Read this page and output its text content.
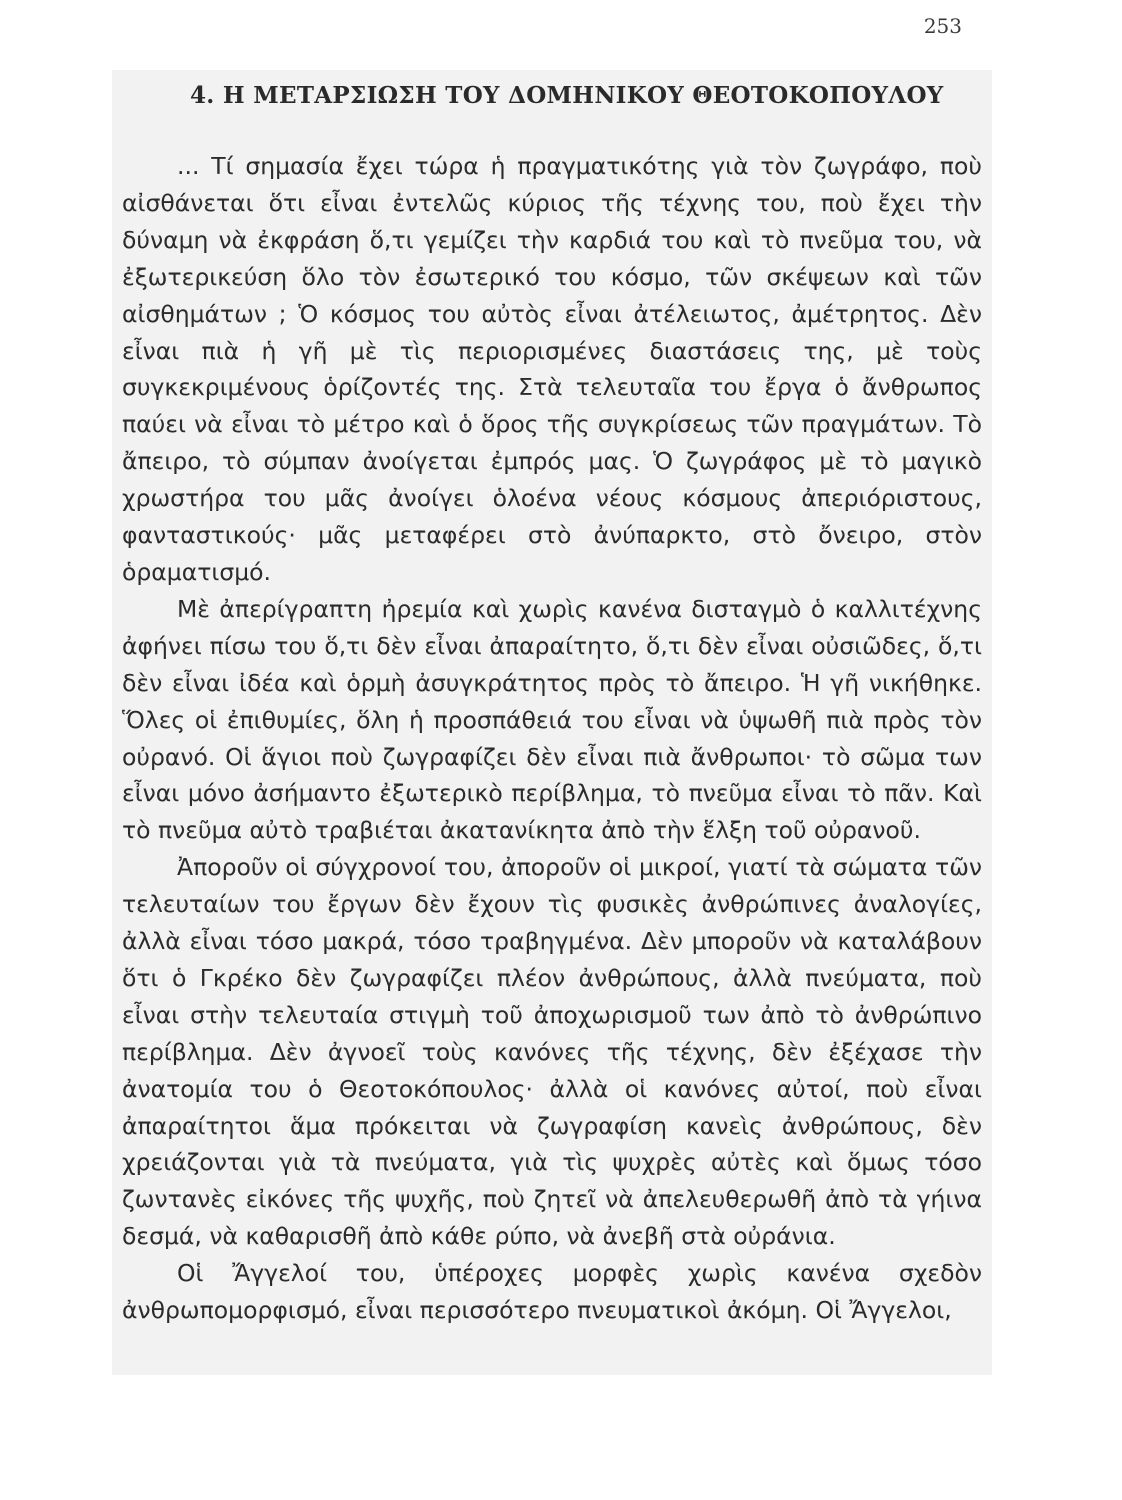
253
4. Η ΜΕΤΑΡΣΙΩΣΗ ΤΟΥ ΔΟΜΗΝΙΚΟΥ ΘΕΟΤΟΚΟΠΟΥΛΟΥ

... Τί σημασία ἔχει τώρα ἡ πραγματικότης γιὰ τὸν ζωγράφο, ποὺ αἰσθάνεται ὅτι εἶναι ἐντελῶς κύριος τῆς τέχνης του, ποὺ ἔχει τὴν δύναμη νὰ ἐκφράση ὅ,τι γεμίζει τὴν καρδιά του καὶ τὸ πνεῦμα του, νὰ ἐξωτερικεύση ὅλο τὸν ἐσωτερικό του κόσμο, τῶν σκέψεων καὶ τῶν αἰσθημάτων ; Ὁ κόσμος του αὐτὸς εἶναι ἀτέλειωτος, ἀμέτρητος. Δὲν εἶναι πιὰ ἡ γῆ μὲ τὶς περιορισμένες διαστάσεις της, μὲ τοὺς συγκεκριμένους ὁρίζοντές της. Στὰ τελευταῖα του ἔργα ὁ ἄνθρωπος παύει νὰ εἶναι τὸ μέτρο καὶ ὁ ὅρος τῆς συγκρίσεως τῶν πραγμάτων. Τὸ ἄπειρο, τὸ σύμπαν ἀνοίγεται ἐμπρός μας. Ὁ ζωγράφος μὲ τὸ μαγικὸ χρωστήρα του μᾶς ἀνοίγει ὁλοένα νέους κόσμους ἀπεριόριστους, φανταστικούς· μᾶς μεταφέρει στὸ ἀνύπαρκτο, στὸ ὄνειρο, στὸν ὁραματισμό.

Μὲ ἀπερίγραπτη ἠρεμία καὶ χωρὶς κανένα δισταγμὸ ὁ καλλιτέχνης ἀφήνει πίσω του ὅ,τι δὲν εἶναι ἀπαραίτητο, ὅ,τι δὲν εἶναι οὐσιῶδες, ὅ,τι δὲν εἶναι ἰδέα καὶ ὁρμὴ ἀσυγκράτητος πρὸς τὸ ἄπειρο. Ἡ γῆ νικήθηκε. Ὅλες οἱ ἐπιθυμίες, ὅλη ἡ προσπάθειά του εἶναι νὰ ὑψωθῆ πιὰ πρὸς τὸν οὐρανό. Οἱ ἅγιοι ποὺ ζωγραφίζει δὲν εἶναι πιὰ ἄνθρωποι· τὸ σῶμα των εἶναι μόνο ἀσήμαντο ἐξωτερικὸ περίβλημα, τὸ πνεῦμα εἶναι τὸ πᾶν. Καὶ τὸ πνεῦμα αὐτὸ τραβιέται ἀκατανίκητα ἀπὸ τὴν ἕλξη τοῦ οὐρανοῦ.

Ἀποροῦν οἱ σύγχρονοί του, ἀποροῦν οἱ μικροί, γιατί τὰ σώματα τῶν τελευταίων του ἔργων δὲν ἔχουν τὶς φυσικὲς ἀνθρώπινες ἀναλογίες, ἀλλὰ εἶναι τόσο μακρά, τόσο τραβηγμένα. Δὲν μποροῦν νὰ καταλάβουν ὅτι ὁ Γκρέκο δὲν ζωγραφίζει πλέον ἀνθρώπους, ἀλλὰ πνεύματα, ποὺ εἶναι στὴν τελευταία στιγμὴ τοῦ ἀποχωρισμοῦ των ἀπὸ τὸ ἀνθρώπινο περίβλημα. Δὲν ἀγνοεῖ τοὺς κανόνες τῆς τέχνης, δὲν ἐξέχασε τὴν ἀνατομία του ὁ Θεοτοκόπουλος· ἀλλὰ οἱ κανόνες αὐτοί, ποὺ εἶναι ἀπαραίτητοι ἅμα πρόκειται νὰ ζωγραφίση κανεὶς ἀνθρώπους, δὲν χρειάζονται γιὰ τὰ πνεύματα, γιὰ τὶς ψυχρὲς αὐτὲς καὶ ὅμως τόσο ζωντανὲς εἰκόνες τῆς ψυχῆς, ποὺ ζητεῖ νὰ ἀπελευθερωθῆ ἀπὸ τὰ γήινα δεσμά, νὰ καθαρισθῆ ἀπὸ κάθε ρύπο, νὰ ἀνεβῆ στὰ οὐράνια.

Οἱ Ἄγγελοί του, ὑπέροχες μορφὲς χωρὶς κανένα σχεδὸν ἀνθρωπομορφισμό, εἶναι περισσότερο πνευματικοὶ ἀκόμη. Οἱ Ἄγγελοι,
